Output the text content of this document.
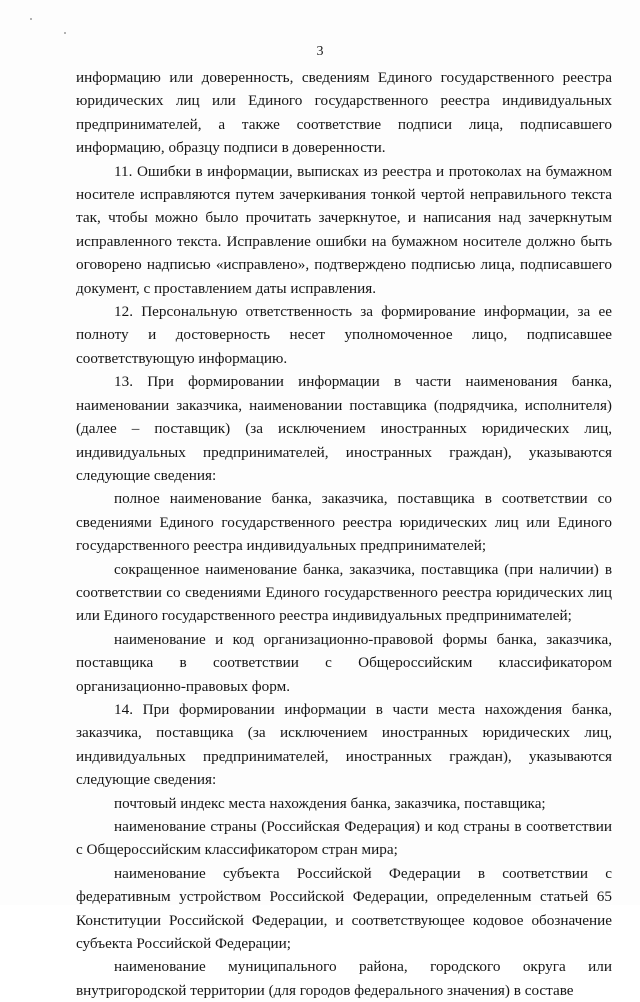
3

информацию или доверенность, сведениям Единого государственного реестра юридических лиц или Единого государственного реестра индивидуальных предпринимателей, а также соответствие подписи лица, подписавшего информацию, образцу подписи в доверенности.

11. Ошибки в информации, выписках из реестра и протоколах на бумажном носителе исправляются путем зачеркивания тонкой чертой неправильного текста так, чтобы можно было прочитать зачеркнутое, и написания над зачеркнутым исправленного текста. Исправление ошибки на бумажном носителе должно быть оговорено надписью «исправлено», подтверждено подписью лица, подписавшего документ, с проставлением даты исправления.

12. Персональную ответственность за формирование информации, за ее полноту и достоверность несет уполномоченное лицо, подписавшее соответствующую информацию.

13. При формировании информации в части наименования банка, наименовании заказчика, наименовании поставщика (подрядчика, исполнителя) (далее – поставщик) (за исключением иностранных юридических лиц, индивидуальных предпринимателей, иностранных граждан), указываются следующие сведения:

полное наименование банка, заказчика, поставщика в соответствии со сведениями Единого государственного реестра юридических лиц или Единого государственного реестра индивидуальных предпринимателей;

сокращенное наименование банка, заказчика, поставщика (при наличии) в соответствии со сведениями Единого государственного реестра юридических лиц или Единого государственного реестра индивидуальных предпринимателей;

наименование и код организационно-правовой формы банка, заказчика, поставщика в соответствии с Общероссийским классификатором организационно-правовых форм.

14. При формировании информации в части места нахождения банка, заказчика, поставщика (за исключением иностранных юридических лиц, индивидуальных предпринимателей, иностранных граждан), указываются следующие сведения:

почтовый индекс места нахождения банка, заказчика, поставщика;

наименование страны (Российская Федерация) и код страны в соответствии с Общероссийским классификатором стран мира;

наименование субъекта Российской Федерации в соответствии с федеративным устройством Российской Федерации, определенным статьей 65 Конституции Российской Федерации, и соответствующее кодовое обозначение субъекта Российской Федерации;

наименование муниципального района, городского округа или внутригородской территории (для городов федерального значения) в составе
